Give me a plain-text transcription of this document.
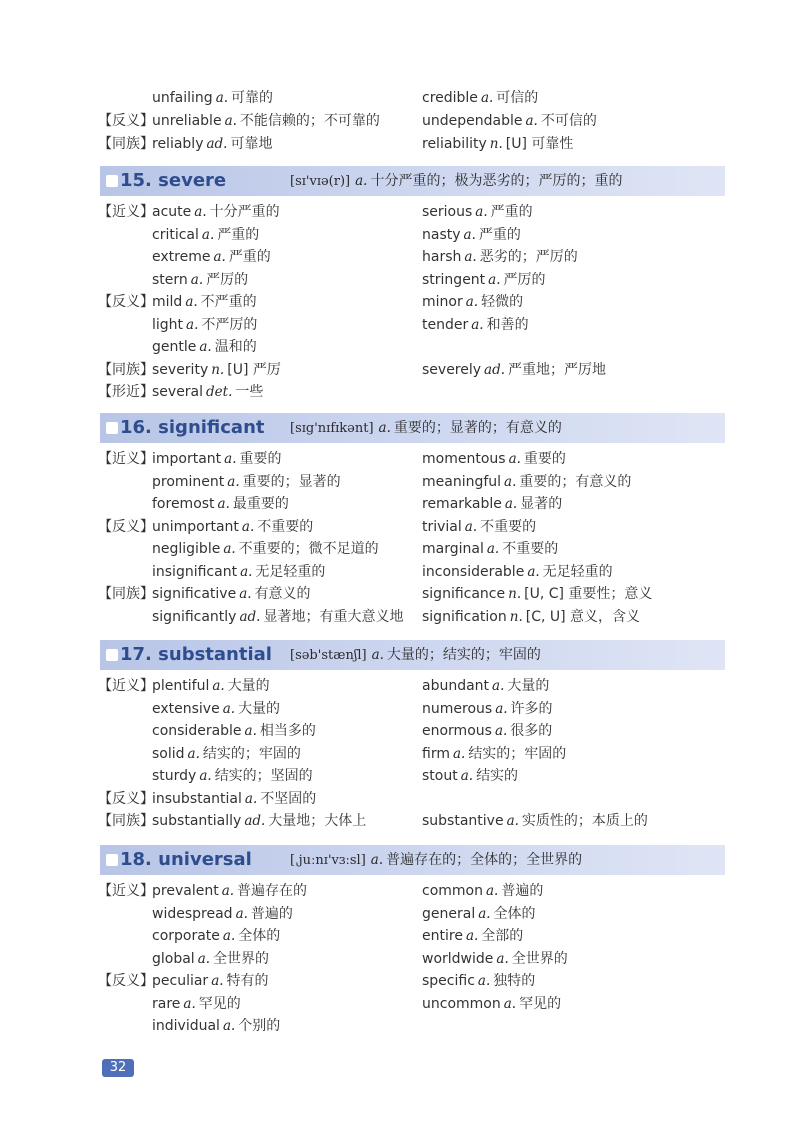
unfailing a. 可靠的	credible a. 可信的
【反义】
unreliable a. 不能信赖的；不可靠的	undependable a. 不可信的
【同族】
reliably ad. 可靠地	reliability n. [U] 可靠性
15. severe	[sɪ'vɪə(r)] a. 十分严重的；极为恶劣的；严厉的；重的
【近义】
acute a. 十分严重的	serious a. 严重的
critical a. 严重的	nasty a. 严重的
extreme a. 严重的	harsh a. 恶劣的；严厉的
stern a. 严厉的	stringent a. 严厉的
【反义】
mild a. 不严重的	minor a. 轻微的
light a. 不严厉的	tender a. 和善的
gentle a. 温和的
【同族】
severity n. [U] 严厉	severely ad. 严重地；严厉地
【形近】
several det. 一些
16. significant [sɪg'nɪfɪkənt] a. 重要的；显著的；有意义的
【近义】
important a. 重要的	momentous a. 重要的
prominent a. 重要的；显著的	meaningful a. 重要的；有意义的
foremost a. 最重要的	remarkable a. 显著的
【反义】
unimportant a. 不重要的	trivial a. 不重要的
negligible a. 不重要的；微不足道的	marginal a. 不重要的
insignificant a. 无足轻重的	inconsiderable a. 无足轻重的
【同族】
significative a. 有意义的	significance n. [U, C] 重要性；意义
significantly ad. 显著地；有重大意义地 signification n. [C, U] 意义，含义
17. substantial [səb'stænʃl] a. 大量的；结实的；牢固的
【近义】
plentiful a. 大量的	abundant a. 大量的
extensive a. 大量的	numerous a. 许多的
considerable a. 相当多的	enormous a. 很多的
solid a. 结实的；牢固的	firm a. 结实的；牢固的
sturdy a. 结实的；坚固的	stout a. 结实的
【反义】
insubstantial a. 不坚固的
【同族】
substantially ad. 大量地；大体上	substantive a. 实质性的；本质上的
18. universal	[ˌjuːnɪ'vɜːsl] a. 普遍存在的；全体的；全世界的
【近义】
prevalent a. 普遍存在的	common a. 普遍的
widespread a. 普遍的	general a. 全体的
corporate a. 全体的	entire a. 全部的
global a. 全世界的	worldwide a. 全世界的
【反义】
peculiar a. 特有的	specific a. 独特的
rare a. 罕见的	uncommon a. 罕见的
individual a. 个别的
32
